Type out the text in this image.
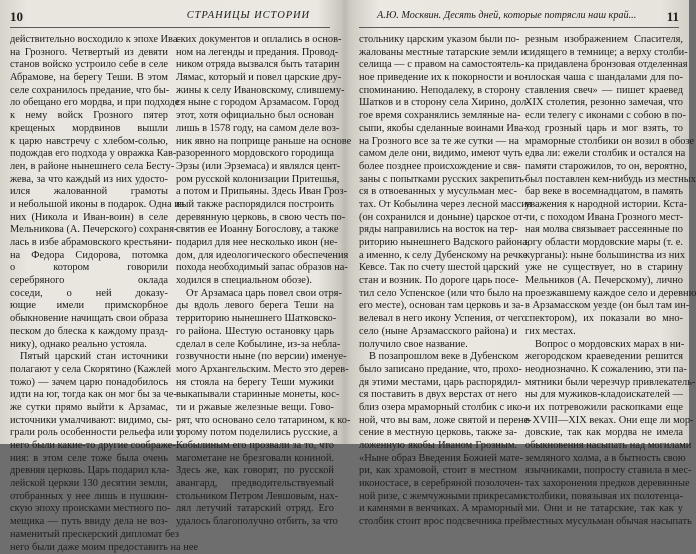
10	СТРАНИЦЫ ИСТОРИИ
действительно восходило к эпохе Ива-
на Грозного. Четвертый из девяти
станов войско устроило себе в селе
Абрамове, на берегу Теши. В этом
селе сохранилось предание, что бы-
ло обещано его мордва, и при подходе
к нему войск Грозного пятер
крещеных мордвинов вышли
к царю навстречу с хлебом-солью,
подождав его подхода у овражка Кав-
лен, в районе нынешнего села Бесту-
жева, за что каждый из них удосто-
ился жалованной грамоты
и небольшой иконы в подарок. Одна из
них (Никола и Иван-воин) в селе
Мельникова (А. Печерского) сохраня-
лась в избе абрамовского крестьяни-
на Федора Сидорова, потомка
о котором говорили
серебряного оклада
соседи, о ней доказу-
ющие имели примскорбное
обыкновение начищать свои образа
песком до блеска к каждому празд-
нику), однако реально устояла.
Пятый царский стан источники
полагают у села Скорятино (Кажлей
тожо) — зачем царю понадобилось
идти на юг, тогда как он мог бы за че-
же сутки прямо выйти к Арзамас,
источники умалчивают: видимо, сы-
грали роль особенности рельефа или у
него были какие-то другие соображе-
ния: в этом селе тоже была очень
древняя церковь. Царь подарил кла-
лейской церкви 130 десятин земли,
отобранных у нее лишь в пушкин-
скую эпоху происками местного по-
мещика — путь ввиду дела не воз-
наменитый прескерский дипломат без
него были даже моим предоставить на нее
ских документов и оплались в основ-
ном на легенды и предания. Провод-
ником отряда вызвался быть татарин
Лямас, который и повел царские дру-
жины к селу Ивановскому, слившему-
ся ныне с городом Арзамасом. Город
этот, хотя официально был основан
лишь в 1578 году, на самом деле воз-
ник явно на поприще раньше на основе
разоренного мордовского городища
Эрзы (или Эрземаса) и являлся цент-
ром русской колонизации Притешья,
а потом и Припьяны. Здесь Иван Гроз-
ный также распорядился построить
деревянную церковь, в свою честь по-
святив ее Иоанну Богослову, а также
подарил для нее несколько икон (не-
дом, для идеологического обеспечения
похода необходимый запас образов на-
ходился в специальном обозе).
От Арзамаса царь повел свои отря-
ды вдоль левого берега Теши на
территорию нынешнего Шатковско-
го района. Шестую остановку царь
сделал в селе Кобылине, из-за небла-
гозвучности ныне (по версии) именуе-
мого Архангельским. Место это дерев-
ня стояла на берегу Теши мужики
выкапывали старинные монеты, кос-
ти и ржавые железные вещи. Гово-
рят, что основано село татарином, к ко-
торому потом поделились русские, а
Кобылиным его прозвали за то, что
магометане не брезговали кониной.
Здесь же, как говорят, по русской
авангард, предводительствуемый
стольником Петром Левшовым, нах-
лял летучий татарский отряд. Его
удалось благополучно отбить, за что
А.Ю. Москвин. Десять дней, которые потрясли наш край... 11
стольнику царским указом были по-
жалованы местные татарские земли и
селища — с правом на самостоятель-
ное приведение их к покорности и во-
споминанию. Неподалеку, в сторону
Шатков и в сторону села Хирино, дол-
гое время сохранялись земляные на-
сыпи, якобы сделанные воинами Ива-
на Грозного все за те же сутки — на
самом деле они, видимо, имеют чуть
более позднее происхождение и свя-
заны с попытками русских закрепить-
ся в отвоеванных у мусульман мес-
тах. От Кобылина через лесной массив
(он сохранился и доныне) царское от-
ряды направились на восток на тер-
риторию нынешнего Вадского района,
а именно, к селу Дубенскому на речке
Кевсе. Так по счету шестой царский
стан и возник. По дороге царь посе-
тил село Успенское (или что было на
его месте), основан там церковь и за-
велевал в него икону Успения, от чего
село (ныне Арзамасского района) и
получило свое название.
В позапрошлом веке в Дубенском
было записано предание, что, прохо-
дя этими местами, царь распорядил-
ся поставить в двух верстах от него
близ озера мраморный столбик с ико-
ной, что вы вам, ложе святой и перене-
сение в местную церковь, также за-
ложенную якобы Иваном Грозным.
«Ныне образ Введения Божией мате-
ри, как храмовой, стоит в местном
иконостасе, в серебряной позолочен-
ной ризе, с жемчужными прикресами
и камнями в венчиках. А мраморный
столбик стоит врос подсвечника прей
резным изображением Спасителя,
сидящего в темнице; а верху столби-
ка придавлена бронзовая отделенная
плоская чаша с шандалами для по-
ставления свеч» — пишет краевед
XIX столетия, резонно замечая, что
если телегу с иконами с собою в по-
ход грозный царь и мог взять, то
мраморные столбики он возил в обозе
едва ли: ежели столбик и остался на
памяти старожилов, то он, вероятно,
был поставлен кем-нибудь из местных
бар веке в восемнадцатом, в память
уважения к народной истории. Кста-
ти, с походом Ивана Грозного мест-
ная молва связывает рассеянные по
югу области мордовские мары (т. е.
курганы): ныне большинства из них
уже не существует, но в старину
Мельников (А. Печерскому), лично
проезжавшему каждое село и деревню
в Арзамасском уезде (он был там ин-
спектором), их показали во мно-
гих местах.
Вопрос о мордовских марах в ни-
жегородском краеведении решится
неоднозначно. К сожалению, эти па-
мятники были черезчур привлекатель-
ны для мужиков-кладоискателей —
и их потревожили раскопками еще
в XVIII—XIX веках. Они еще ли мор-
довские, так как мордва не имела
обыкновения насыпать над могилами
земляного холма, а в бытность свою
язычниками, попросту ставила в мес-
тах захоронения предков деревянные
столбики, повязывая их полотенца-
ми. Они и не татарские, так как у
местных мусульман обычая насыпать
